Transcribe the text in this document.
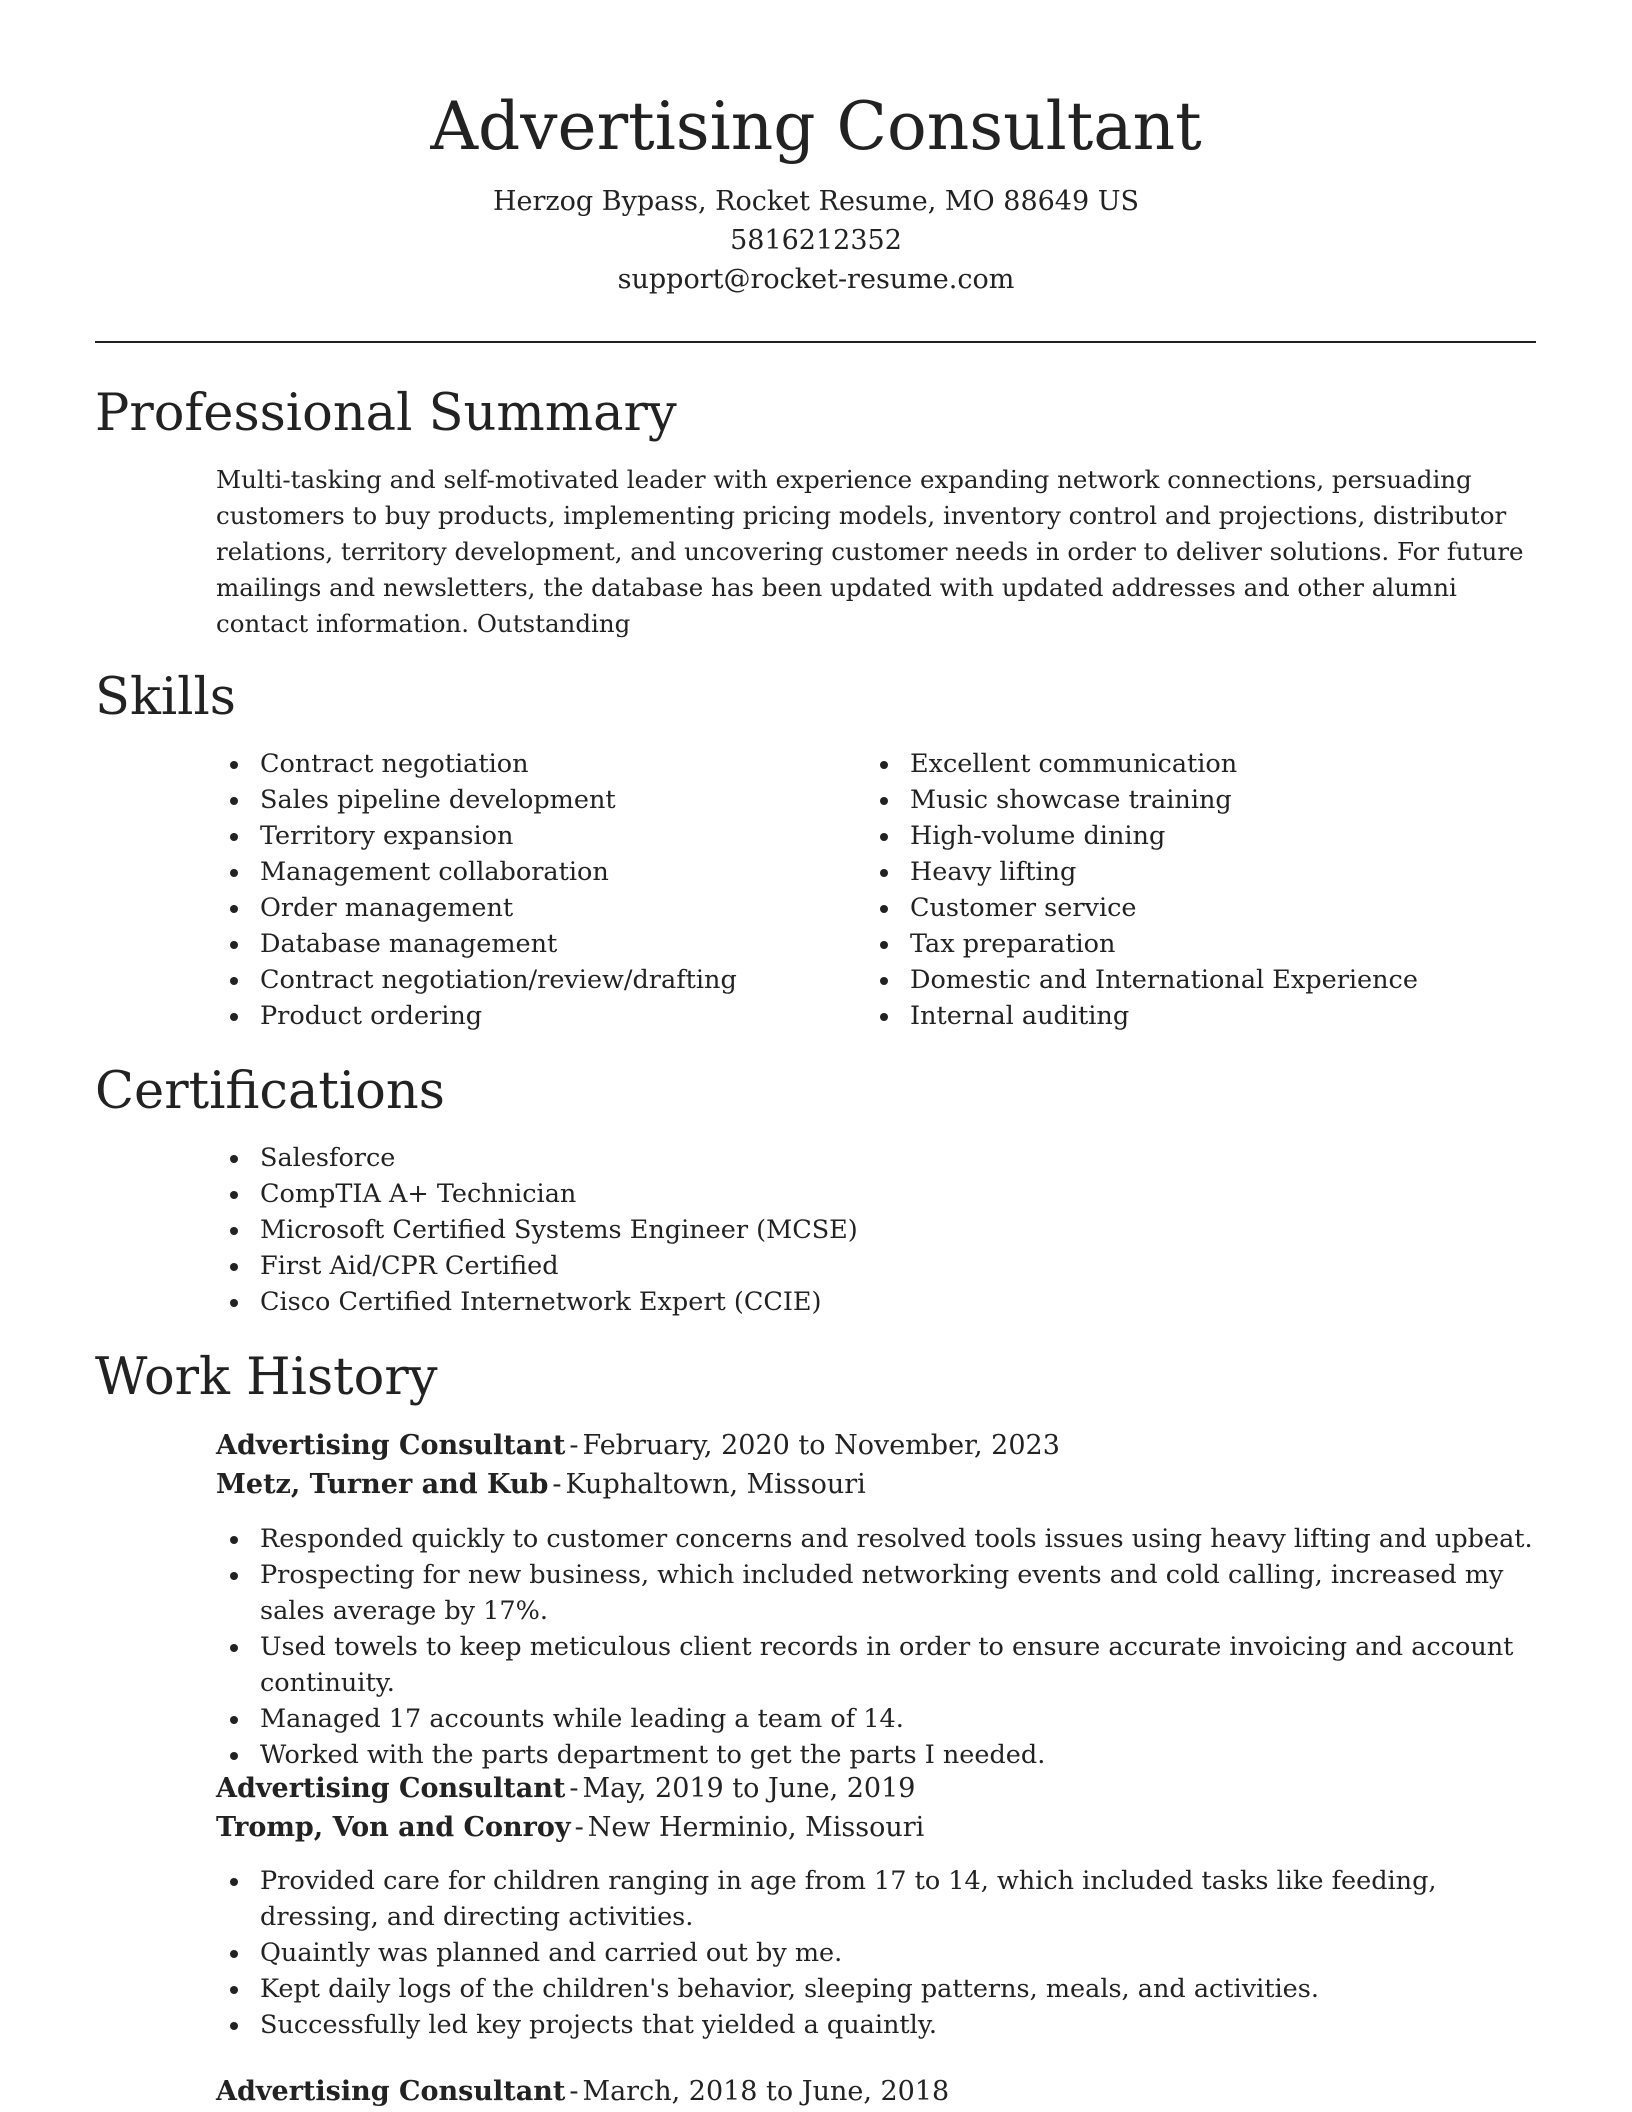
Advertising Consultant
Herzog Bypass, Rocket Resume, MO 88649 US
5816212352
support@rocket-resume.com
Professional Summary

Multi-tasking and self-motivated leader with experience expanding network connections, persuading customers to buy products, implementing pricing models, inventory control and projections, distributor relations, territory development, and uncovering customer needs in order to deliver solutions. For future mailings and newsletters, the database has been updated with updated addresses and other alumni contact information. Outstanding

Skills
Contract negotiation
Sales pipeline development
Territory expansion
Management collaboration
Order management
Database management
Contract negotiation/review/drafting
Product ordering
Excellent communication
Music showcase training
High-volume dining
Heavy lifting
Customer service
Tax preparation
Domestic and International Experience
Internal auditing
Certifications
Salesforce
CompTIA A+ Technician
Microsoft Certified Systems Engineer (MCSE)
First Aid/CPR Certified
Cisco Certified Internetwork Expert (CCIE)
Work History
Advertising Consultant - February, 2020 to November, 2023
Metz, Turner and Kub - Kuphaltown, Missouri
Responded quickly to customer concerns and resolved tools issues using heavy lifting and upbeat.
Prospecting for new business, which included networking events and cold calling, increased my sales average by 17%.
Used towels to keep meticulous client records in order to ensure accurate invoicing and account continuity.
Managed 17 accounts while leading a team of 14.
Worked with the parts department to get the parts I needed.
Advertising Consultant - May, 2019 to June, 2019
Tromp, Von and Conroy - New Herminio, Missouri
Provided care for children ranging in age from 17 to 14, which included tasks like feeding, dressing, and directing activities.
Quaintly was planned and carried out by me.
Kept daily logs of the children's behavior, sleeping patterns, meals, and activities.
Successfully led key projects that yielded a quaintly.
Advertising Consultant - March, 2018 to June, 2018
